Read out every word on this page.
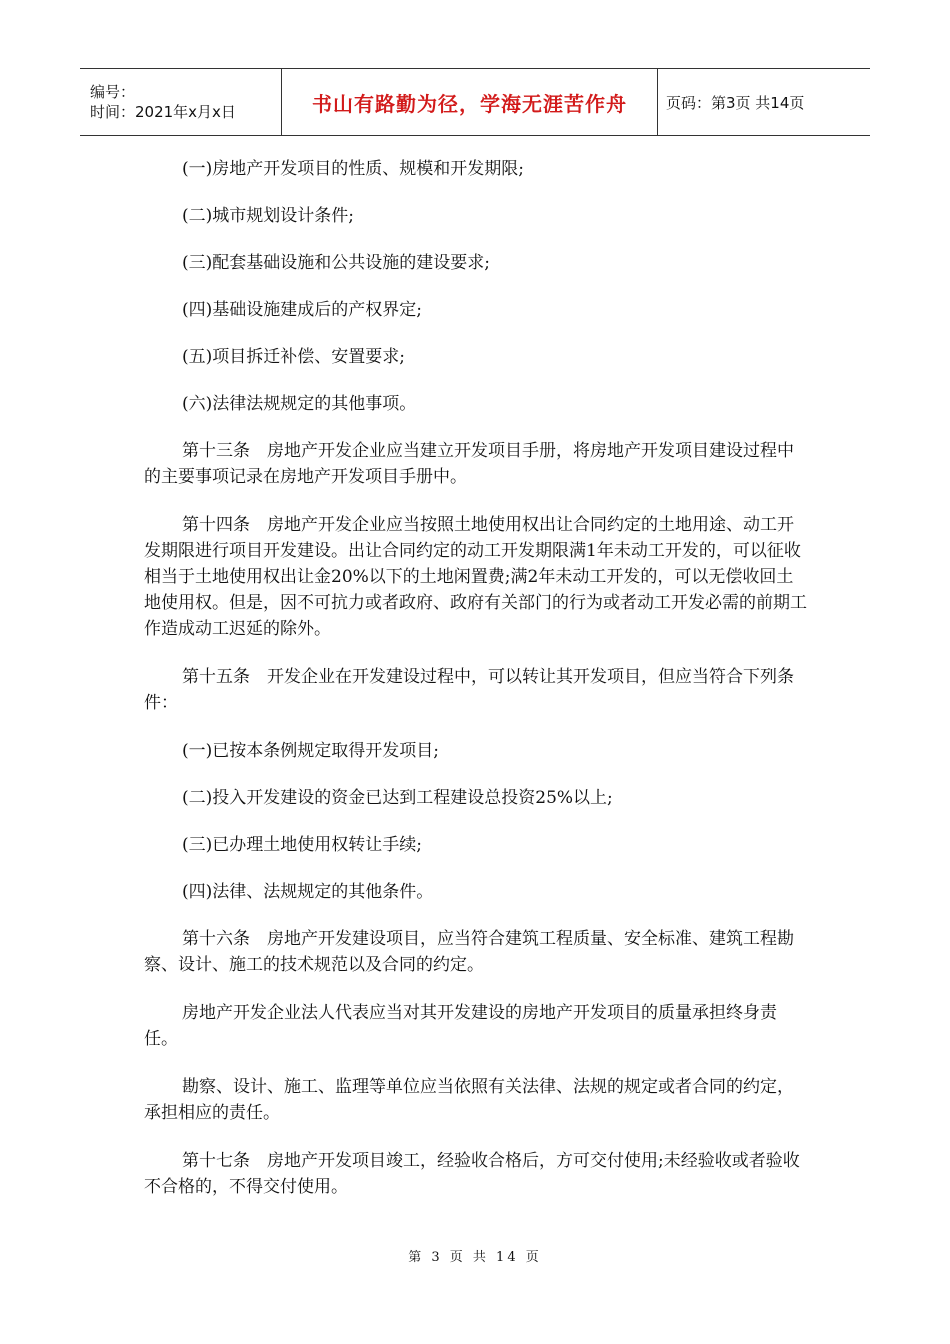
编号：
时间：2021年x月x日	书山有路勤为径，学海无涯苦作舟	页码：第3页 共14页

(一)房地产开发项目的性质、规模和开发期限;

(二)城市规划设计条件;

(三)配套基础设施和公共设施的建设要求;

(四)基础设施建成后的产权界定;

(五)项目拆迁补偿、安置要求;

(六)法律法规规定的其他事项。

第十三条　房地产开发企业应当建立开发项目手册，将房地产开发项目建设过程中的主要事项记录在房地产开发项目手册中。

第十四条　房地产开发企业应当按照土地使用权出让合同约定的土地用途、动工开发期限进行项目开发建设。出让合同约定的动工开发期限满1年未动工开发的，可以征收相当于土地使用权出让金20%以下的土地闲置费;满2年未动工开发的，可以无偿收回土地使用权。但是，因不可抗力或者政府、政府有关部门的行为或者动工开发必需的前期工作造成动工迟延的除外。

第十五条　开发企业在开发建设过程中，可以转让其开发项目，但应当符合下列条件：

(一)已按本条例规定取得开发项目;

(二)投入开发建设的资金已达到工程建设总投资25%以上;

(三)已办理土地使用权转让手续;

(四)法律、法规规定的其他条件。

第十六条　房地产开发建设项目，应当符合建筑工程质量、安全标准、建筑工程勘察、设计、施工的技术规范以及合同的约定。

房地产开发企业法人代表应当对其开发建设的房地产开发项目的质量承担终身责任。

勘察、设计、施工、监理等单位应当依照有关法律、法规的规定或者合同的约定，承担相应的责任。

第十七条　房地产开发项目竣工，经验收合格后，方可交付使用;未经验收或者验收不合格的，不得交付使用。

第 3 页 共 14 页
